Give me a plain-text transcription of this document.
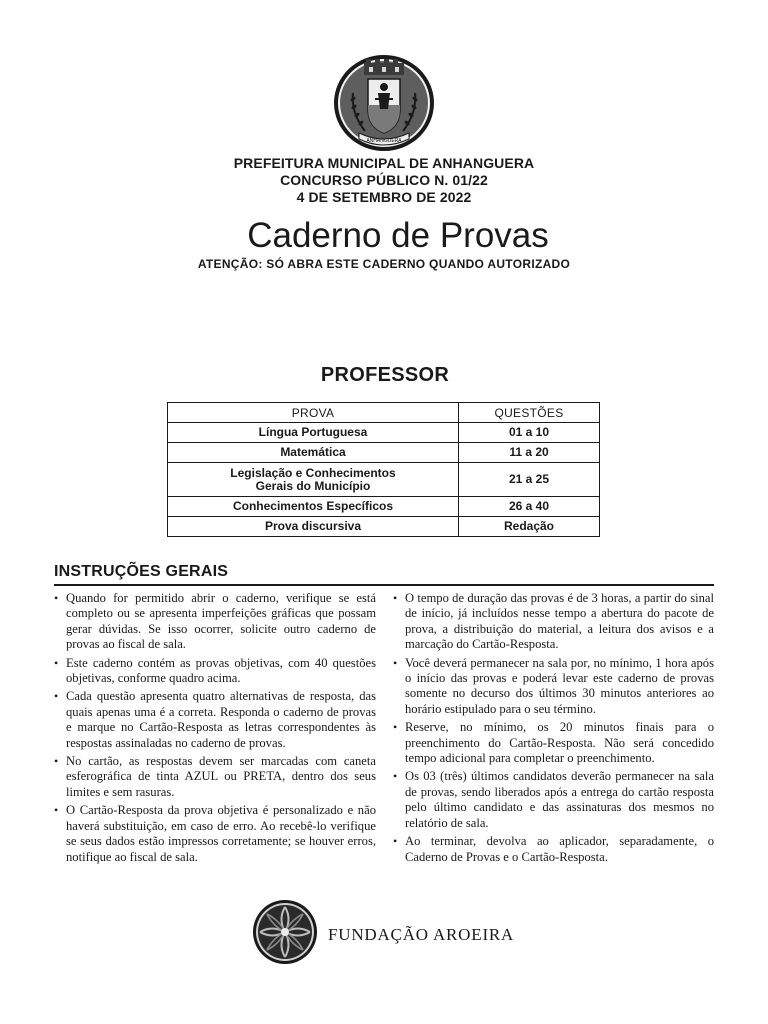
ANHANGUERA
PREFEITURA MUNICIPAL DE ANHANGUERA
CONCURSO PÚBLICO N. 01/22
4 DE SETEMBRO DE 2022
Caderno de Provas
ATENÇÃO: SÓ ABRA ESTE CADERNO QUANDO AUTORIZADO
PROFESSOR
PROVA	QUESTÕES
Língua Portuguesa	01 a 10
Matemática	11 a 20

Legislação e Conhecimentos
Gerais do Município	21 a 25
Conhecimentos Específicos	26 a 40
Prova discursiva	Redação
INSTRUÇÕES GERAIS
• Quando for permitido abrir o caderno, verifique se está completo ou se apresenta imperfeições gráficas que possam gerar dúvidas. Se isso ocorrer, solicite outro caderno de provas ao fiscal de sala.
• Este caderno contém as provas objetivas, com 40 questões objetivas, conforme quadro acima.
• Cada questão apresenta quatro alternativas de resposta, das quais apenas uma é a correta. Responda o caderno de provas e marque no Cartão-Resposta as letras correspondentes às respostas assinaladas no caderno de provas.
• No cartão, as respostas devem ser marcadas com caneta esferográfica de tinta AZUL ou PRETA, dentro dos seus limites e sem rasuras.
• O Cartão-Resposta da prova objetiva é personalizado e não haverá substituição, em caso de erro. Ao recebê-lo verifique se seus dados estão impressos corretamente; se houver erros, notifique ao fiscal de sala.
• O tempo de duração das provas é de 3 horas, a partir do sinal de início, já incluídos nesse tempo a abertura do pacote de prova, a distribuição do material, a leitura dos avisos e a marcação do Cartão-Resposta.
• Você deverá permanecer na sala por, no mínimo, 1 hora após o início das provas e poderá levar este caderno de provas somente no decurso dos últimos 30 minutos anteriores ao horário estipulado para o seu término.
• Reserve, no mínimo, os 20 minutos finais para o preenchimento do Cartão-Resposta. Não será concedido tempo adicional para completar o preenchimento.
• Os 03 (três) últimos candidatos deverão permanecer na sala de provas, sendo liberados após a entrega do cartão resposta pelo último candidato e das assinaturas dos mesmos no relatório de sala.
• Ao terminar, devolva ao aplicador, separadamente, o Caderno de Provas e o Cartão-Resposta.
FUNDAÇÃO AROEIRA
